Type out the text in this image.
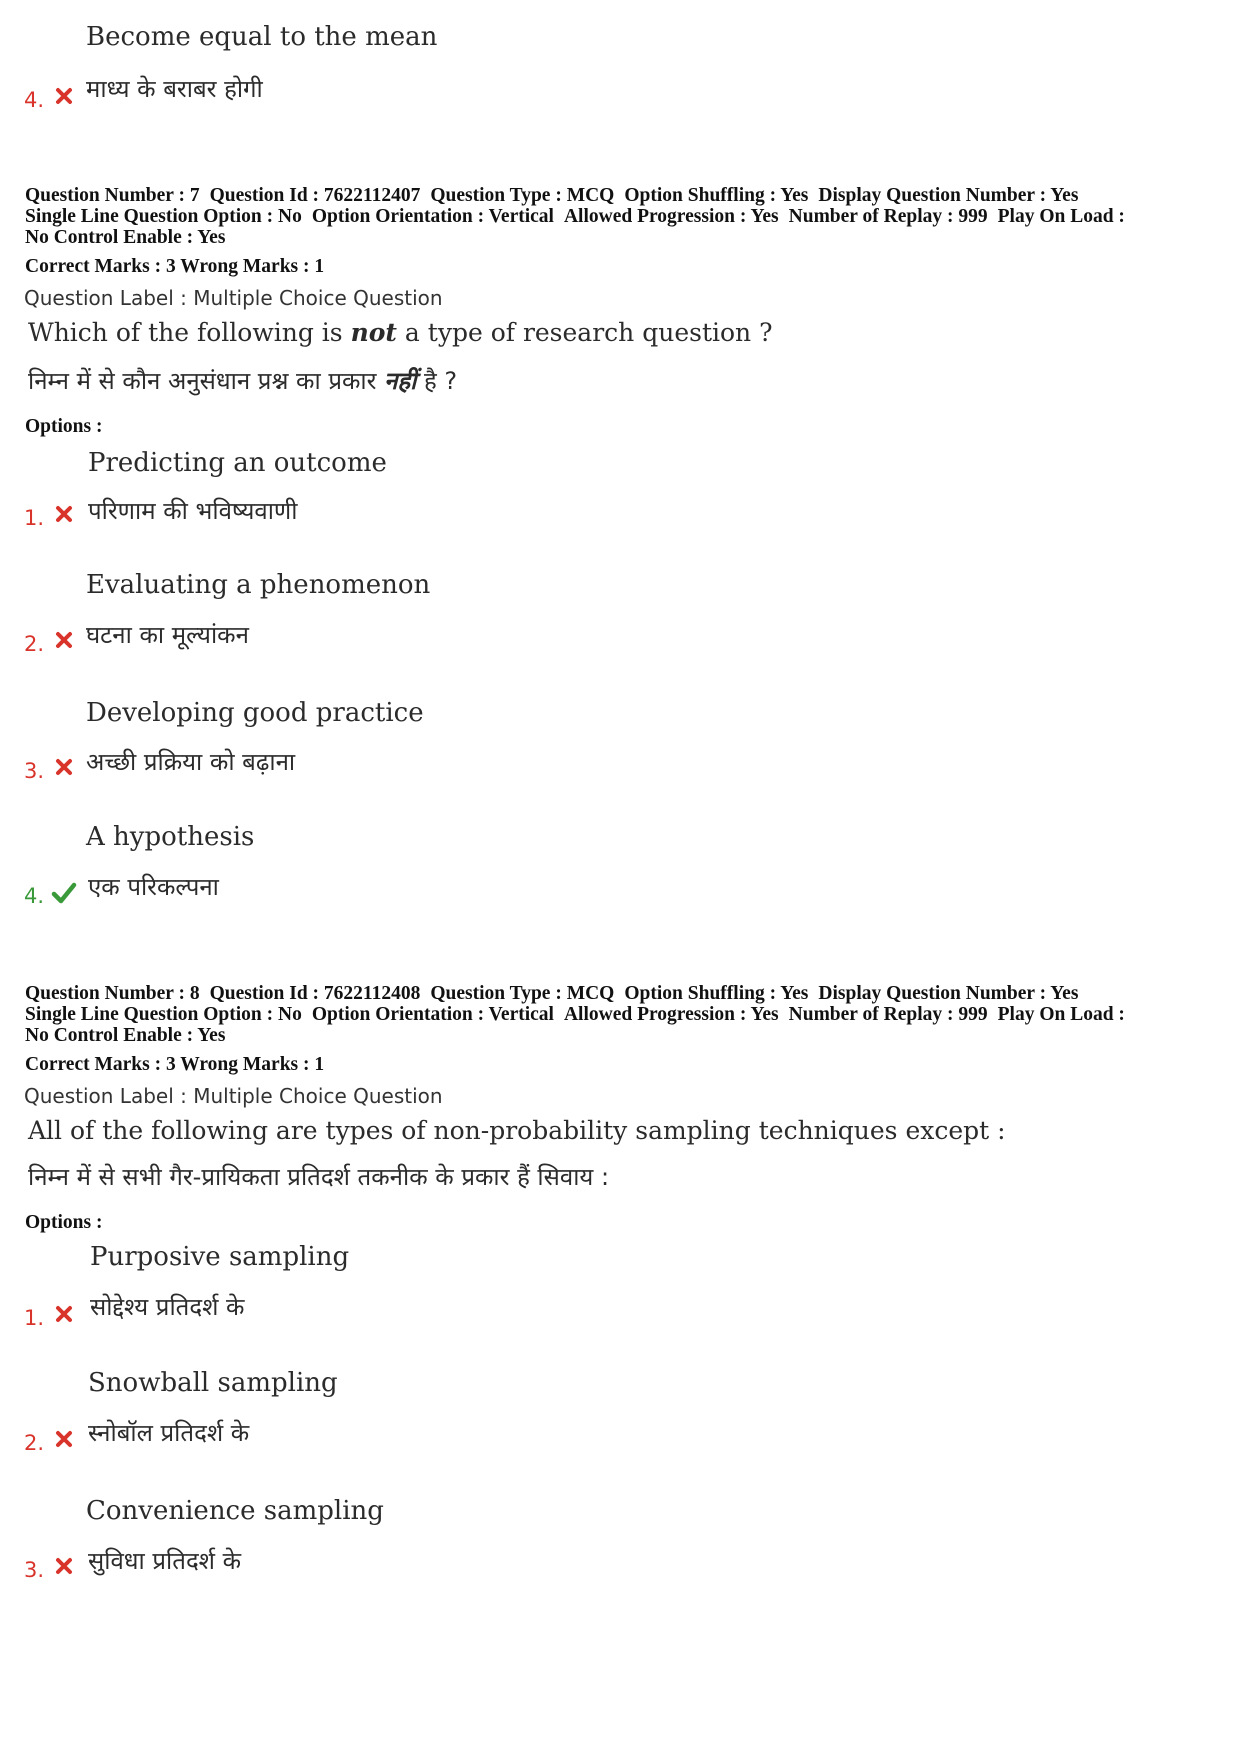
Become equal to the mean
4. माध्य के बराबर होगी
Question Number : 7 Question Id : 7622112407 Question Type : MCQ Option Shuffling : Yes Display Question Number : Yes
Single Line Question Option : No Option Orientation : Vertical Allowed Progression : Yes Number of Replay : 999 Play On Load :
No Control Enable : Yes
Correct Marks : 3 Wrong Marks : 1
Question Label : Multiple Choice Question
Which of the following is not a type of research question ?
निम्न में से कौन अनुसंधान प्रश्न का प्रकार नहीं है ?
Options :
Predicting an outcome
1. परिणाम की भविष्यवाणी
Evaluating a phenomenon
2. घटना का मूल्यांकन
Developing good practice
3. अच्छी प्रक्रिया को बढ़ाना
A hypothesis
4. एक परिकल्पना
Question Number : 8 Question Id : 7622112408 Question Type : MCQ Option Shuffling : Yes Display Question Number : Yes
Single Line Question Option : No Option Orientation : Vertical Allowed Progression : Yes Number of Replay : 999 Play On Load :
No Control Enable : Yes
Correct Marks : 3 Wrong Marks : 1
Question Label : Multiple Choice Question
All of the following are types of non-probability sampling techniques except :
निम्न में से सभी गैर-प्रायिकता प्रतिदर्श तकनीक के प्रकार हैं सिवाय :
Options :
Purposive sampling
1. सोद्देश्य प्रतिदर्श के
Snowball sampling
2. स्नोबॉल प्रतिदर्श के
Convenience sampling
3. सुविधा प्रतिदर्श के
